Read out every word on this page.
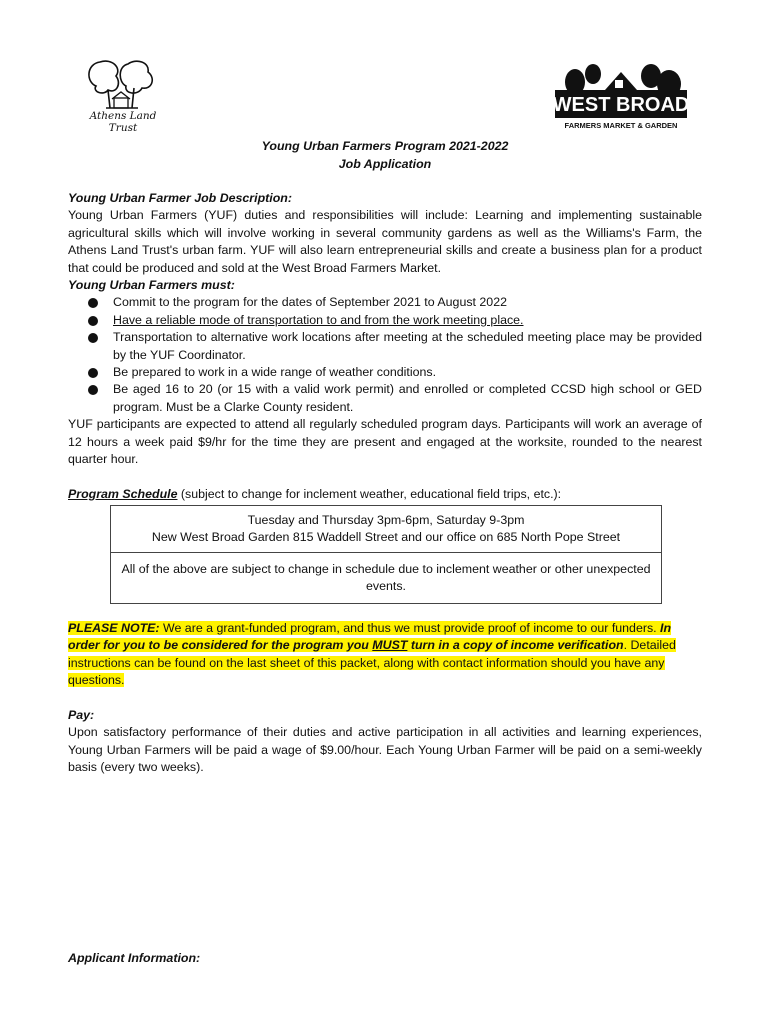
Athens Land Trust
WEST BROAD
FARMERS MARKET & GARDEN
Young Urban Farmers Program 2021-2022
Job Application
Young Urban Farmer Job Description:
Young Urban Farmers (YUF) duties and responsibilities will include: Learning and implementing sustainable agricultural skills which will involve working in several community gardens as well as the Williams's Farm, the Athens Land Trust's urban farm. YUF will also learn entrepreneurial skills and create a business plan for a product that could be produced and sold at the West Broad Farmers Market.
Young Urban Farmers must:
Commit to the program for the dates of September 2021 to August 2022
Have a reliable mode of transportation to and from the work meeting place.
Transportation to alternative work locations after meeting at the scheduled meeting place may be provided by the YUF Coordinator.
Be prepared to work in a wide range of weather conditions.
Be aged 16 to 20 (or 15 with a valid work permit) and enrolled or completed CCSD high school or GED program. Must be a Clarke County resident.
YUF participants are expected to attend all regularly scheduled program days. Participants will work an average of 12 hours a week paid $9/hr for the time they are present and engaged at the worksite, rounded to the nearest quarter hour.
Program Schedule (subject to change for inclement weather, educational field trips, etc.):
Tuesday and Thursday 3pm-6pm, Saturday 9-3pm
New West Broad Garden 815 Waddell Street and our office on 685 North Pope Street
All of the above are subject to change in schedule due to inclement weather or other unexpected events.
PLEASE NOTE: We are a grant-funded program, and thus we must provide proof of income to our funders. In order for you to be considered for the program you MUST turn in a copy of income verification. Detailed instructions can be found on the last sheet of this packet, along with contact information should you have any questions.
Pay:
Upon satisfactory performance of their duties and active participation in all activities and learning experiences, Young Urban Farmers will be paid a wage of $9.00/hour. Each Young Urban Farmer will be paid on a semi-weekly basis (every two weeks).
Applicant Information:
